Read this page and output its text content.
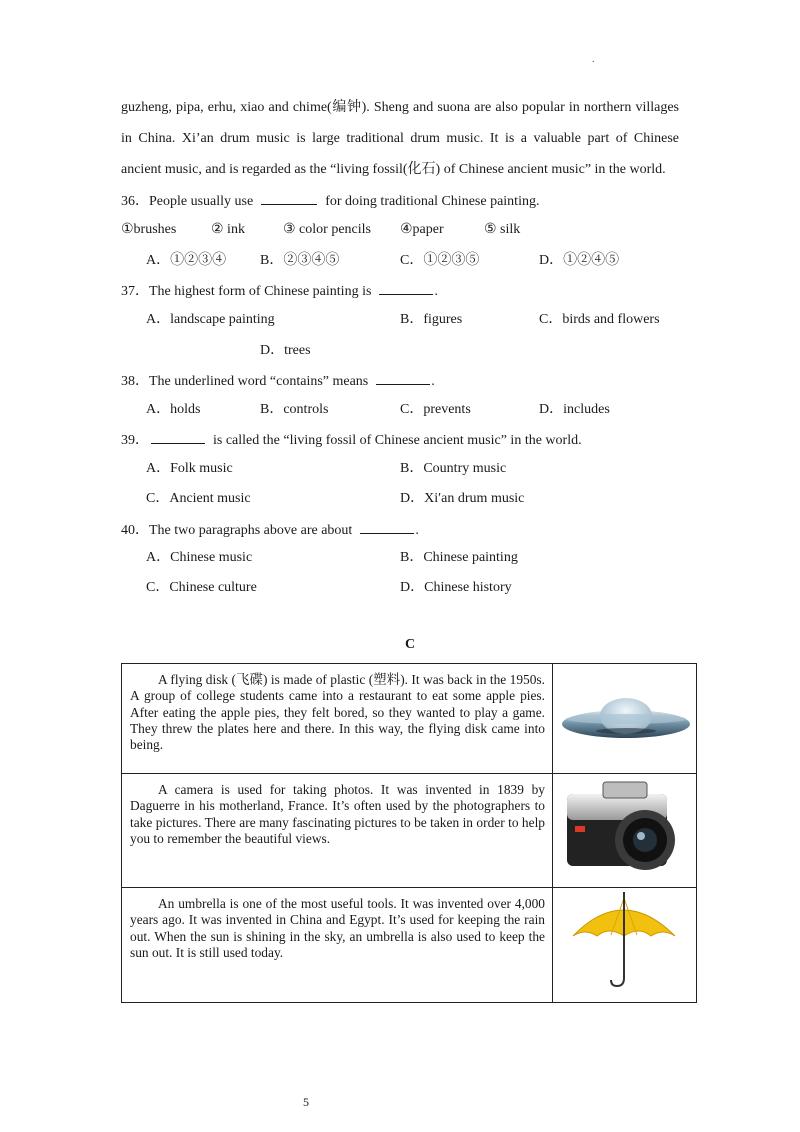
.
guzheng, pipa, erhu, xiao and chime(编钟). Sheng and suona are also popular in northern villages
in China. Xi’an drum music is large traditional drum music. It is a valuable part of Chinese
ancient music, and is regarded as the “living fossil(化石) of Chinese ancient music” in the world.
36．People usually use	for doing traditional Chinese painting.
①brushes ② ink	③ color pencils ④paper	⑤ silk
A．①②③④ B．②③④⑤	C．①②③⑤	D．①②④⑤
37．The highest form of Chinese painting is	.
A．landscape painting	B．figures	C．birds and flowers
D．trees
38．The underlined word “contains” means	.
A．holds	B．controls	C．prevents	D．includes
39．	is called the “living fossil of Chinese ancient music” in the world.
A．Folk music	B．Country music
C．Ancient music	D．Xi′an drum music
40．The two paragraphs above are about	.
A．Chinese music	B．Chinese painting
C．Chinese culture	D．Chinese history
C

A flying disk (飞碟) is made of plastic (塑料). It was back in the 1950s. A group of college students came into a restaurant to eat some apple pies. After eating the apple pies, they felt bored, so they wanted to play a game. They threw the plates here and there. In this way, the flying disk came into being.

A camera is used for taking photos. It was invented in 1839 by Daguerre in his motherland, France. It’s often used by the photographers to take pictures. There are many fascinating pictures to be taken in order to help you to remember the beautiful views.

An umbrella is one of the most useful tools. It was invented over 4,000 years ago. It was invented in China and Egypt. It’s used for keeping the rain out. When the sun is shining in the sky, an umbrella is also used to keep the sun out. It is still used today.

5
